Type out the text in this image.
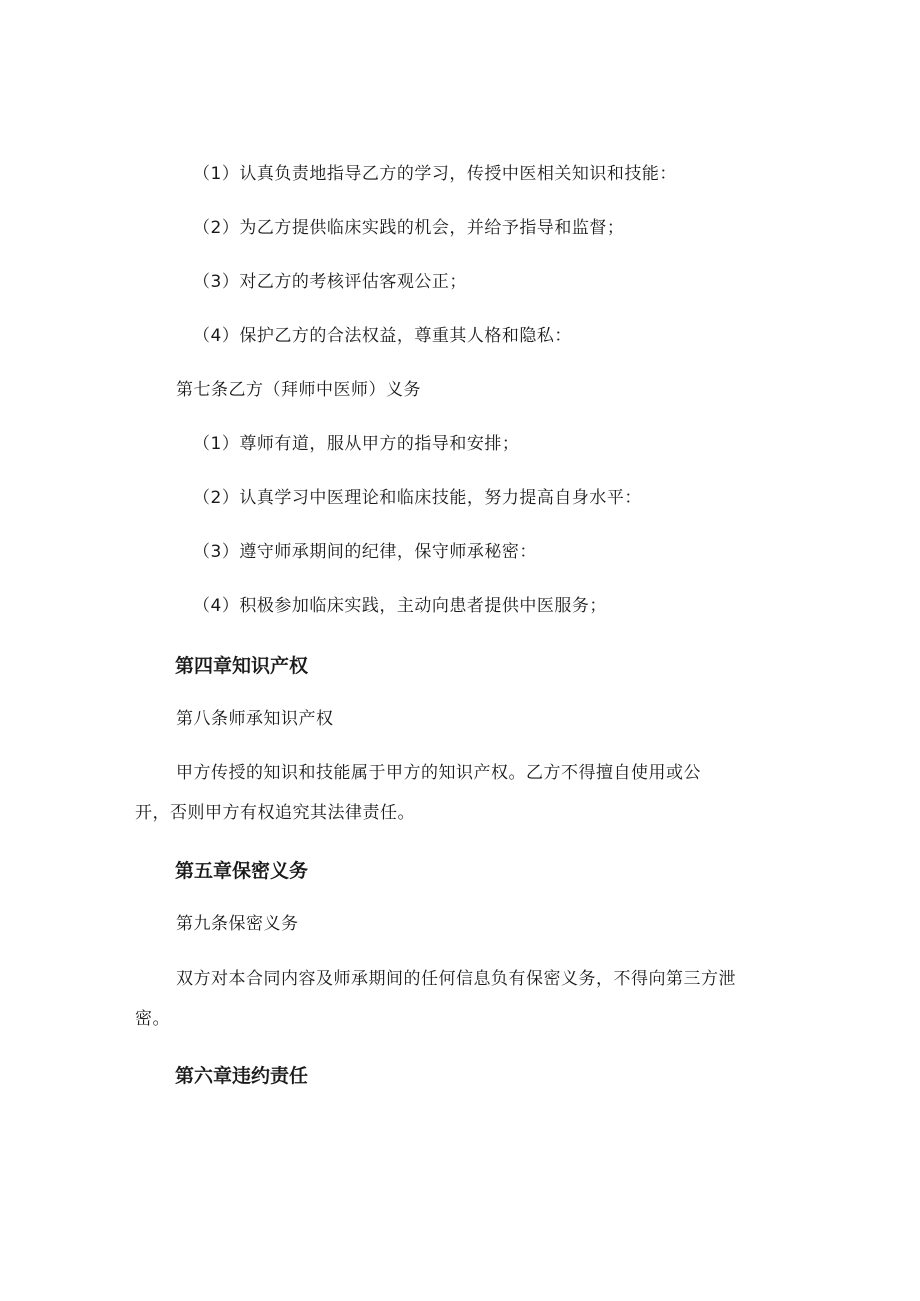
（1）认真负责地指导乙方的学习，传授中医相关知识和技能：
（2）为乙方提供临床实践的机会，并给予指导和监督；
（3）对乙方的考核评估客观公正；
（4）保护乙方的合法权益，尊重其人格和隐私：
第七条乙方（拜师中医师）义务
（1）尊师有道，服从甲方的指导和安排；
（2）认真学习中医理论和临床技能，努力提高自身水平：
（3）遵守师承期间的纪律，保守师承秘密：
（4）积极参加临床实践，主动向患者提供中医服务；
第四章知识产权
第八条师承知识产权
甲方传授的知识和技能属于甲方的知识产权。乙方不得擅自使用或公
开，否则甲方有权追究其法律责任。
第五章保密义务
第九条保密义务
双方对本合同内容及师承期间的任何信息负有保密义务，不得向第三方泄
密。
第六章违约责任
